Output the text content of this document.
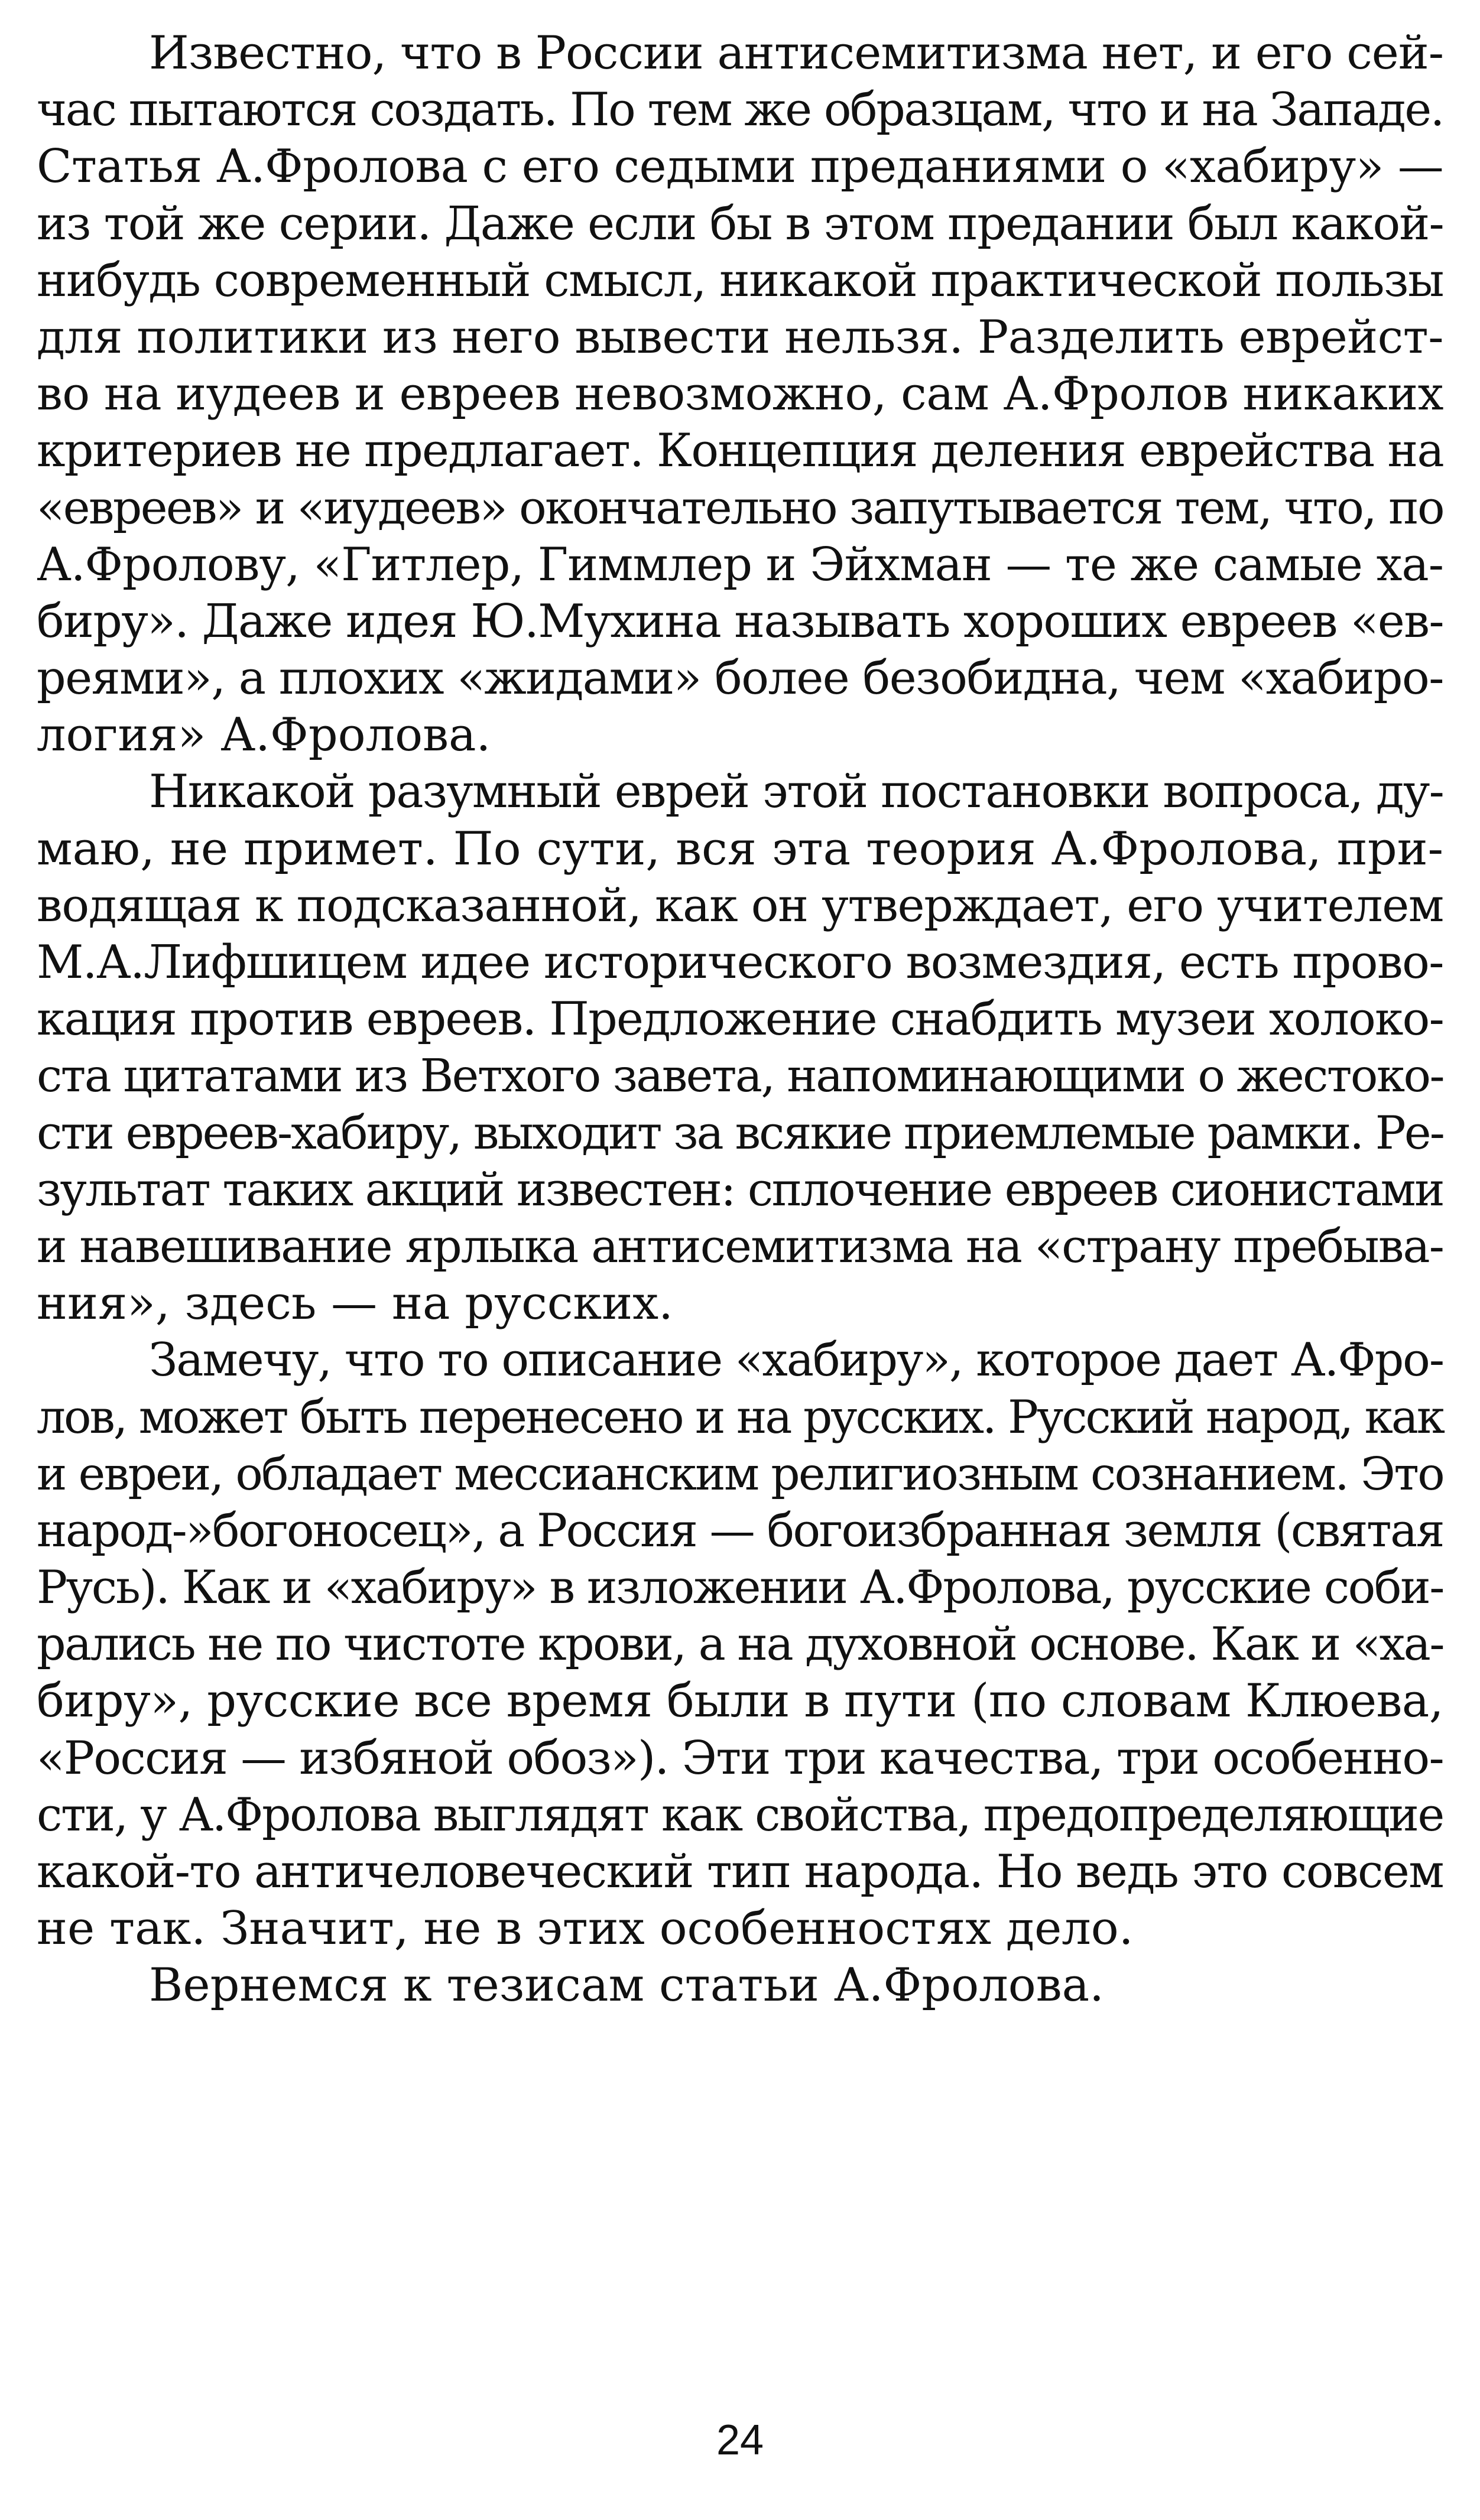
Известно, что в России антисемитизма нет, и его сей-
час пытаются создать. По тем же образцам, что и на Западе.
Статья А.Фролова с его седыми преданиями о «хабиру» —
из той же серии. Даже если бы в этом предании был какой-
нибудь современный смысл, никакой практической пользы
для политики из него вывести нельзя. Разделить еврейст-
во на иудеев и евреев невозможно, сам А.Фролов никаких
критериев не предлагает. Концепция деления еврейства на
«евреев» и «иудеев» окончательно запутывается тем, что, по
А.Фролову, «Гитлер, Гиммлер и Эйхман — те же самые ха-
биру». Даже идея Ю.Мухина называть хороших евреев «ев-
реями», а плохих «жидами» более безобидна, чем «хабиро-
логия» А.Фролова.

Никакой разумный еврей этой постановки вопроса, ду-
маю, не примет. По сути, вся эта теория А.Фролова, при-
водящая к подсказанной, как он утверждает, его учителем
М.А.Лифшицем идее исторического возмездия, есть прово-
кация против евреев. Предложение снабдить музеи холоко-
ста цитатами из Ветхого завета, напоминающими о жестоко-
сти евреев-хабиру, выходит за всякие приемлемые рамки. Ре-
зультат таких акций известен: сплочение евреев сионистами
и навешивание ярлыка антисемитизма на «страну пребыва-
ния», здесь — на русских.

Замечу, что то описание «хабиру», которое дает А.Фро-
лов, может быть перенесено и на русских. Русский народ, как
и евреи, обладает мессианским религиозным сознанием. Это
народ-»богоносец», а Россия — богоизбранная земля (святая
Русь). Как и «хабиру» в изложении А.Фролова, русские соби-
рались не по чистоте крови, а на духовной основе. Как и «ха-
биру», русские все время были в пути (по словам Клюева,
«Россия — избяной обоз»). Эти три качества, три особенно-
сти, у А.Фролова выглядят как свойства, предопределяющие
какой-то античеловеческий тип народа. Но ведь это совсем
не так. Значит, не в этих особенностях дело.

Вернемся к тезисам статьи А.Фролова.

24
